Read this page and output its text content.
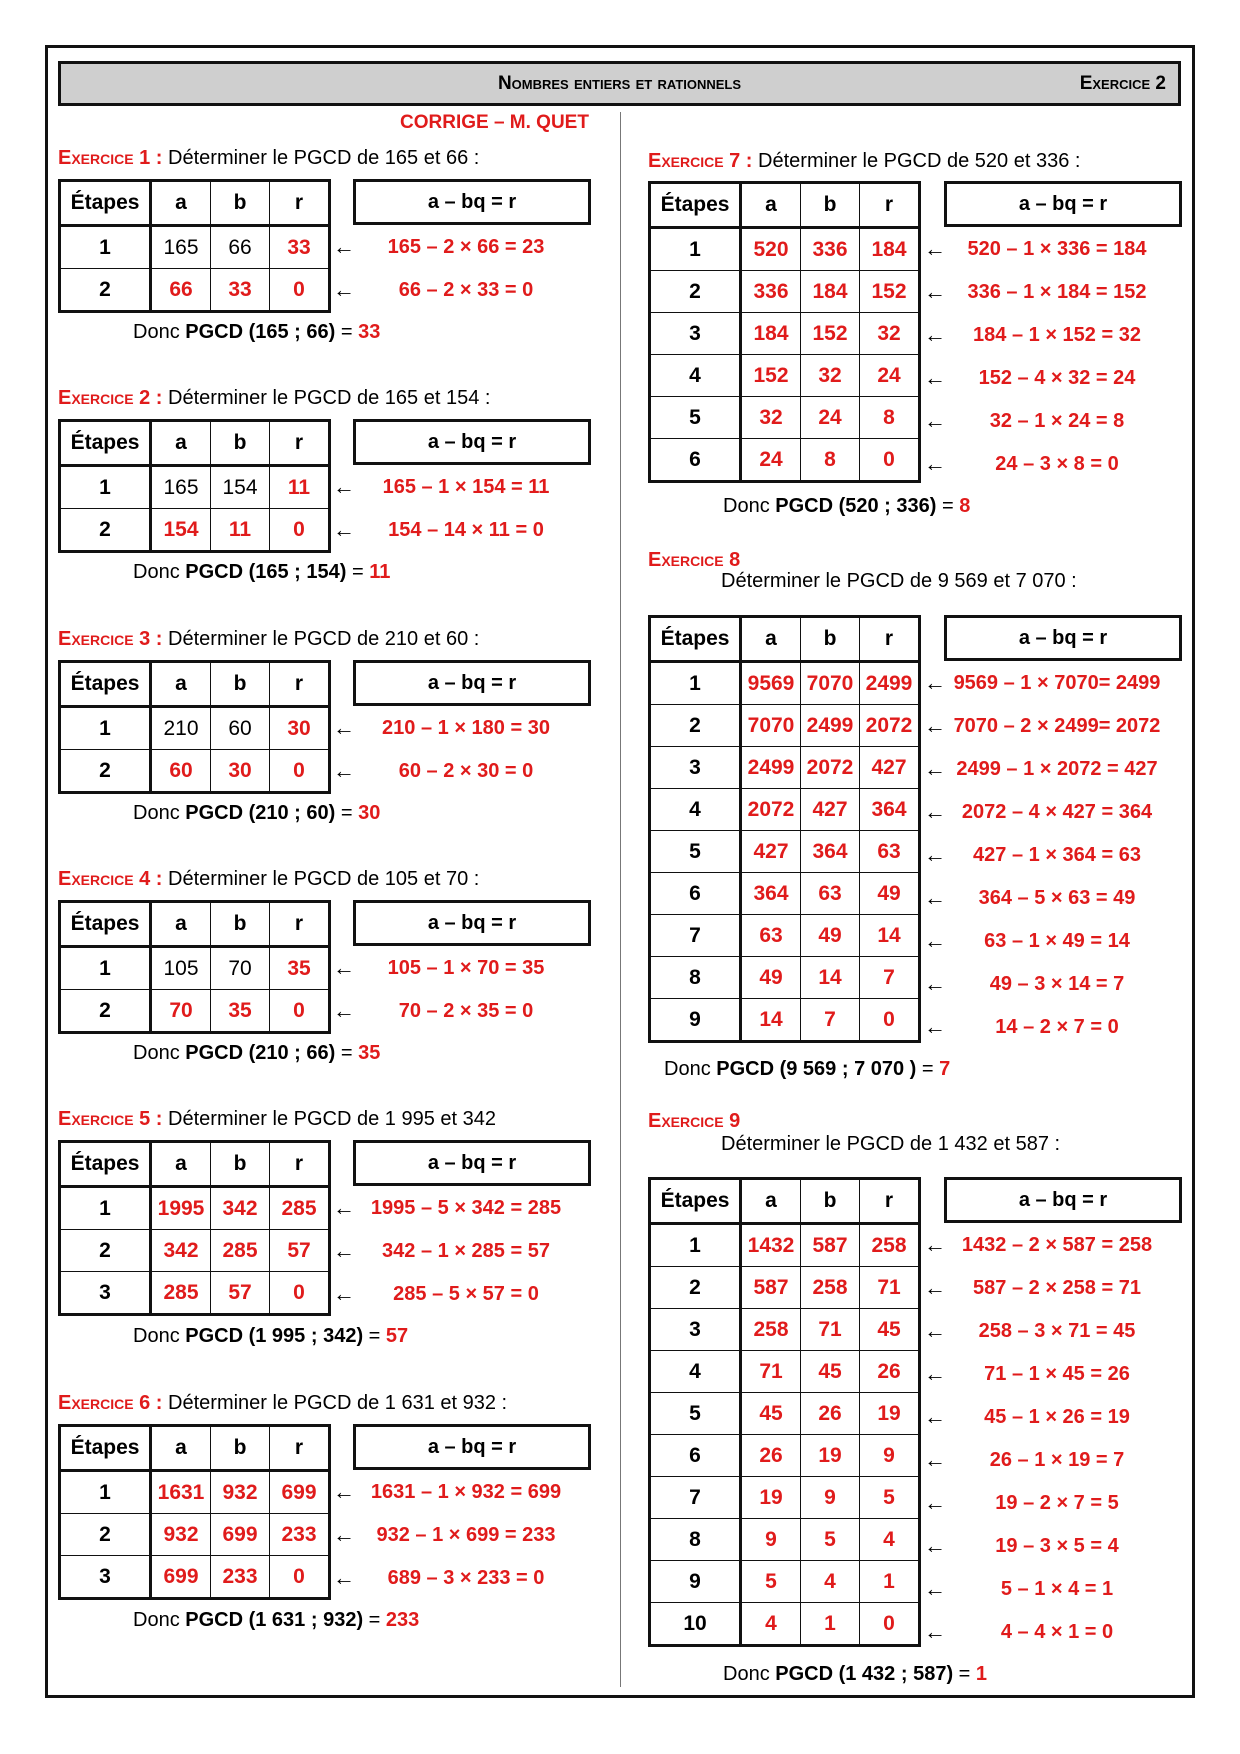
Nombres entiers et rationnels	Exercice 2
CORRIGE – M. QUET
Exercice 1 : Déterminer le PGCD de 165 et 66 :
←	165 – 2 × 66 = 23
←	66 – 2 × 33 = 0
Étapes	a	b	r
1	165	66	33
2	66	33	0
a – bq = r
Donc PGCD (165 ; 66) = 33
Exercice 2 : Déterminer le PGCD de 165 et 154 :
←	165 – 1 × 154 = 11
←	154 – 14 × 11 = 0
Étapes	a	b	r
1	165	154	11
2	154	11	0
a – bq = r
Donc PGCD (165 ; 154) = 11
Exercice 3 : Déterminer le PGCD de 210 et 60 :
←	210 – 1 × 180 = 30
←	60 – 2 × 30 = 0
Étapes	a	b	r
1	210	60	30
2	60	30	0
a – bq = r
Donc PGCD (210 ; 60) = 30
Exercice 4 : Déterminer le PGCD de 105 et 70 :
←	105 – 1 × 70 = 35
←	70 – 2 × 35 = 0
Étapes	a	b	r
1	105	70	35
2	70	35	0
a – bq = r
Donc PGCD (210 ; 66) = 35
Exercice 5 : Déterminer le PGCD de 1 995 et 342
← 1995 – 5 × 342 = 285
←	342 – 1 × 285 = 57
←	285 – 5 × 57 = 0
Étapes	a	b	r
1	1995	342	285
2	342	285	57
3	285	57	0
a – bq = r
Donc PGCD (1 995 ; 342) = 57
Exercice 6 : Déterminer le PGCD de 1 631 et 932 :
← 1631 – 1 × 932 = 699
←	932 – 1 × 699 = 233
←	689 – 3 × 233 = 0
Étapes	a	b	r
1	1631	932	699
2	932	699	233
3	699	233	0
a – bq = r
Donc PGCD (1 631 ; 932) = 233
Exercice 7 : Déterminer le PGCD de 520 et 336 :
←	520 – 1 × 336 = 184
←	336 – 1 × 184 = 152
←	184 – 1 × 152 = 32
←	152 – 4 × 32 = 24
←	32 – 1 × 24 = 8
←	24 – 3 × 8 = 0
Étapes	a	b	r
1	520	336	184
2	336	184	152
3	184	152	32
4	152	32	24
5	32	24	8
6	24	8	0
a – bq = r
Donc PGCD (520 ; 336) = 8
Exercice 8
Déterminer le PGCD de 9 569 et 7 070 :
← 9569 – 1 × 7070= 2499
← 7070 – 2 × 2499= 2072
← 2499 – 1 × 2072 = 427
← 2072 – 4 × 427 = 364
←	427 – 1 × 364 = 63
←	364 – 5 × 63 = 49
←	63 – 1 × 49 = 14
←	49 – 3 × 14 = 7
←	14 – 2 × 7 = 0
Étapes	a	b	r
1	9569	7070	2499
2	7070	2499	2072
3	2499	2072	427
4	2072	427	364
5	427	364	63
6	364	63	49
7	63	49	14
8	49	14	7
9	14	7	0
a – bq = r
Donc PGCD (9 569 ; 7 070 ) = 7
Exercice 9
Déterminer le PGCD de 1 432 et 587 :
← 1432 – 2 × 587 = 258
←	587 – 2 × 258 = 71
←	258 – 3 × 71 = 45
←	71 – 1 × 45 = 26
←	45 – 1 × 26 = 19
←	26 – 1 × 19 = 7
←	19 – 2 × 7 = 5
←	19 – 3 × 5 = 4
←	5 – 1 × 4 = 1
←	4 – 4 × 1 = 0
Étapes	a	b	r
1	1432	587	258
2	587	258	71
3	258	71	45
4	71	45	26
5	45	26	19
6	26	19	9
7	19	9	5
8	9	5	4
9	5	4	1
10	4	1	0
a – bq = r
Donc PGCD (1 432 ; 587) = 1
